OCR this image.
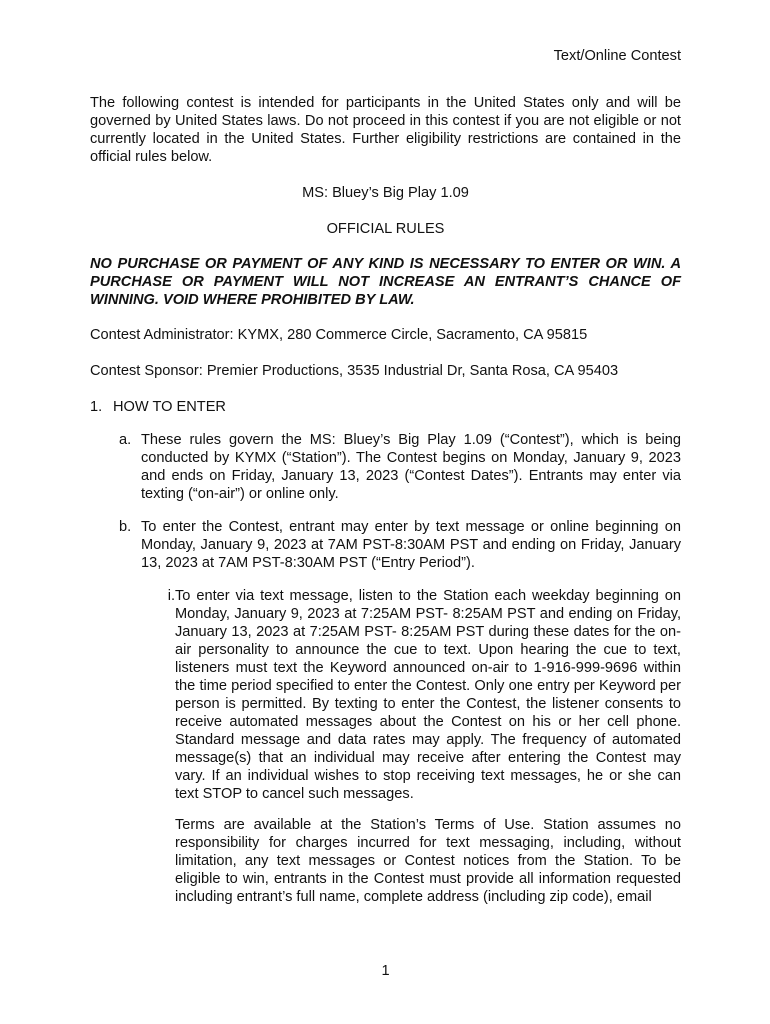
Text/Online Contest
The following contest is intended for participants in the United States only and will be governed by United States laws. Do not proceed in this contest if you are not eligible or not currently located in the United States. Further eligibility restrictions are contained in the official rules below.
MS: Bluey’s Big Play 1.09
OFFICIAL RULES
NO PURCHASE OR PAYMENT OF ANY KIND IS NECESSARY TO ENTER OR WIN. A PURCHASE OR PAYMENT WILL NOT INCREASE AN ENTRANT’S CHANCE OF WINNING. VOID WHERE PROHIBITED BY LAW.
Contest Administrator: KYMX, 280 Commerce Circle, Sacramento, CA 95815
Contest Sponsor: Premier Productions, 3535 Industrial Dr, Santa Rosa, CA 95403
1. HOW TO ENTER
a. These rules govern the MS: Bluey’s Big Play 1.09 (“Contest”), which is being conducted by KYMX (“Station”). The Contest begins on Monday, January 9, 2023 and ends on Friday, January 13, 2023 (“Contest Dates”). Entrants may enter via texting (“on-air”) or online only.
b. To enter the Contest, entrant may enter by text message or online beginning on Monday, January 9, 2023 at 7AM PST-8:30AM PST and ending on Friday, January 13, 2023 at 7AM PST-8:30AM PST (“Entry Period”).
i. To enter via text message, listen to the Station each weekday beginning on Monday, January 9, 2023 at 7:25AM PST- 8:25AM PST and ending on Friday, January 13, 2023 at 7:25AM PST- 8:25AM PST during these dates for the on-air personality to announce the cue to text. Upon hearing the cue to text, listeners must text the Keyword announced on-air to 1-916-999-9696 within the time period specified to enter the Contest. Only one entry per Keyword per person is permitted. By texting to enter the Contest, the listener consents to receive automated messages about the Contest on his or her cell phone. Standard message and data rates may apply. The frequency of automated message(s) that an individual may receive after entering the Contest may vary. If an individual wishes to stop receiving text messages, he or she can text STOP to cancel such messages.
Terms are available at the Station’s Terms of Use. Station assumes no responsibility for charges incurred for text messaging, including, without limitation, any text messages or Contest notices from the Station. To be eligible to win, entrants in the Contest must provide all information requested including entrant’s full name, complete address (including zip code), email
1
